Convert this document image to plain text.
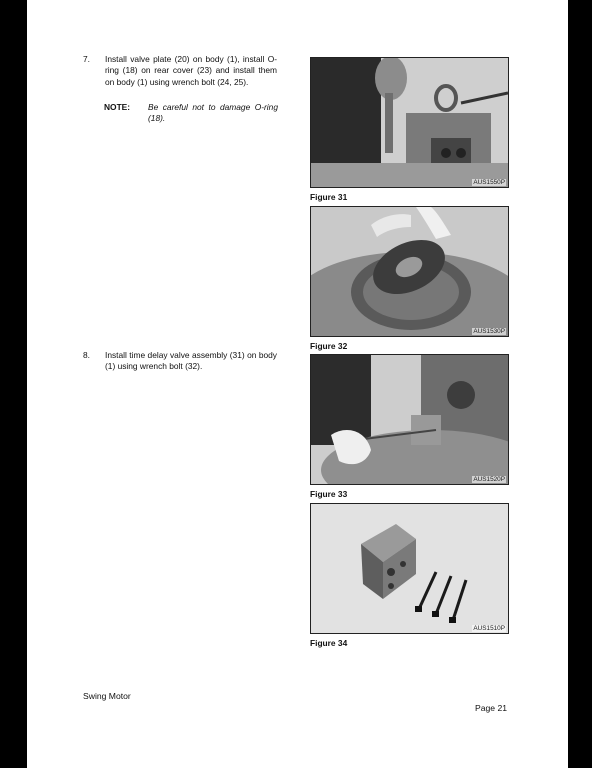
7. Install valve plate (20) on body (1), install O-ring (18) on rear cover (23) and install them on body (1) using wrench bolt (24, 25).
NOTE: Be careful not to damage O-ring (18).
8. Install time delay valve assembly (31) on body (1) using wrench bolt (32).
AUS1550P
Figure 31
AUS1530P
Figure 32
AUS1520P
Figure 33
AUS1510P
Figure 34
Swing Motor
Page 21
